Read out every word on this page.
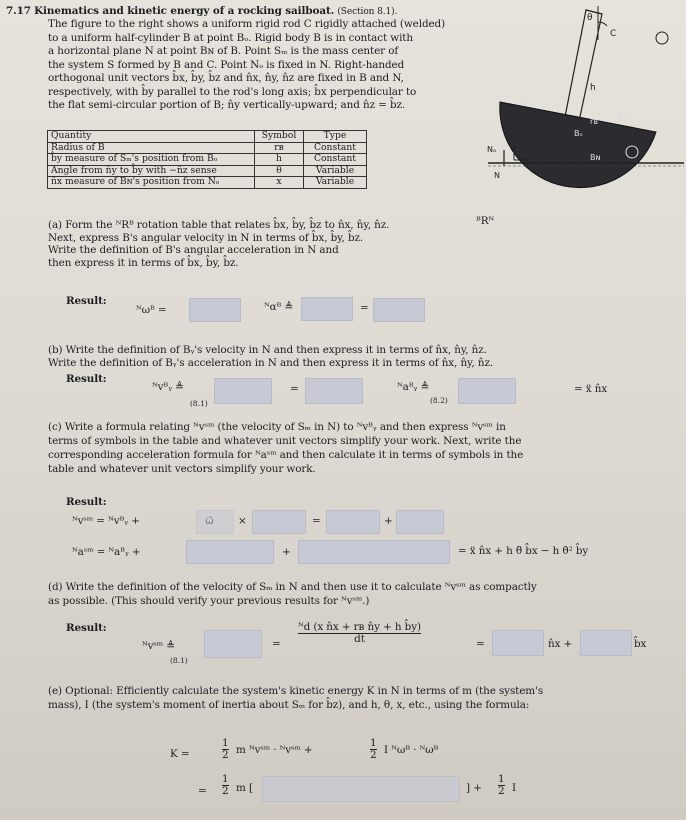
7.17 Kinematics and kinetic energy of a rocking sailboat. (Section 8.1).
The figure to the right shows a uniform rigid rod C rigidly attached (welded)
to a uniform half-cylinder B at point Bₒ. Rigid body B is in contact with
a horizontal plane N at point Bɴ of B. Point Sₘ is the mass center of
the system S formed by B and C. Point Nₒ is fixed in N. Right-handed
orthogonal unit vectors b̂x, b̂y, b̂z and n̂x, n̂y, n̂z are fixed in B and N,
respectively, with b̂y parallel to the rod's long axis; b̂x perpendicular to
the flat semi-circular portion of B; n̂y vertically-upward; and n̂z = b̂z.
Quantity	Symbol	Type
Radius of B	rʙ	Constant
b̂y measure of Sₘ's position from Bₒ	h	Constant
Angle from n̂y to b̂y with −n̂z sense	θ	Variable
n̂x measure of Bɴ's position from Nₒ	x	Variable
B
C
h
θ
rʙ
Sₘ
Bₒ
Bɴ
Nₒ
N
(a) Form the ᴺRᴮ rotation table that relates b̂x, b̂y, b̂z to n̂x, n̂y, n̂z.
Next, express B's angular velocity in N in terms of b̂x, b̂y, b̂z.
Write the definition of B's angular acceleration in N and
then express it in terms of b̂x, b̂y, b̂z.
ᴮRᴺ
Result:
ᴺωᴮ =	ᴺαᴮ ≜	=
(b) Write the definition of Bᵧ's velocity in N and then express it in terms of n̂x, n̂y, n̂z.
Write the definition of Bᵧ's acceleration in N and then express it in terms of n̂x, n̂y, n̂z.
Result:
ᴺvᴮᵧ ≜
(8.1)
=	ᴺaᴮᵧ ≜
(8.2)
= ẍ n̂x
(c) Write a formula relating ᴺvˢᵐ (the velocity of Sₘ in N) to ᴺvᴮᵧ and then express ᴺvˢᵐ in
terms of symbols in the table and whatever unit vectors simplify your work. Next, write the
corresponding acceleration formula for ᴺaˢᵐ and then calculate it in terms of symbols in the
table and whatever unit vectors simplify your work.
Result:
ᴺvˢᵐ = ᴺvᴮᵧ +	×	=	+
ᴺaˢᵐ = ᴺaᴮᵧ +	+	= ẍ n̂x + h θ̈ b̂x − h θ̇² b̂y
(d) Write the definition of the velocity of Sₘ in N and then use it to calculate ᴺvˢᵐ as compactly
as possible. (This should verify your previous results for ᴺvˢᵐ.)
Result:
ᴺvˢᵐ ≜
(8.1)
= $\frac{\text{ᴺd (x n̂x + rʙ n̂y + h b̂y)}}{dt}$	=	n̂x +	b̂x
(e) Optional: Efficiently calculate the system's kinetic energy K in N in terms of m (the system's
mass), I (the system's moment of inertia about Sₘ for b̂z), and h, θ, x, etc., using the formula:
K =	$\frac{1}{2}$ m ᴺvˢᵐ · ᴺvˢᵐ +	$\frac{1}{2}$ I ᴺωᴮ · ᴺωᴮ
= $\frac{1}{2}$ m [	] + $\frac{1}{2}$ I
